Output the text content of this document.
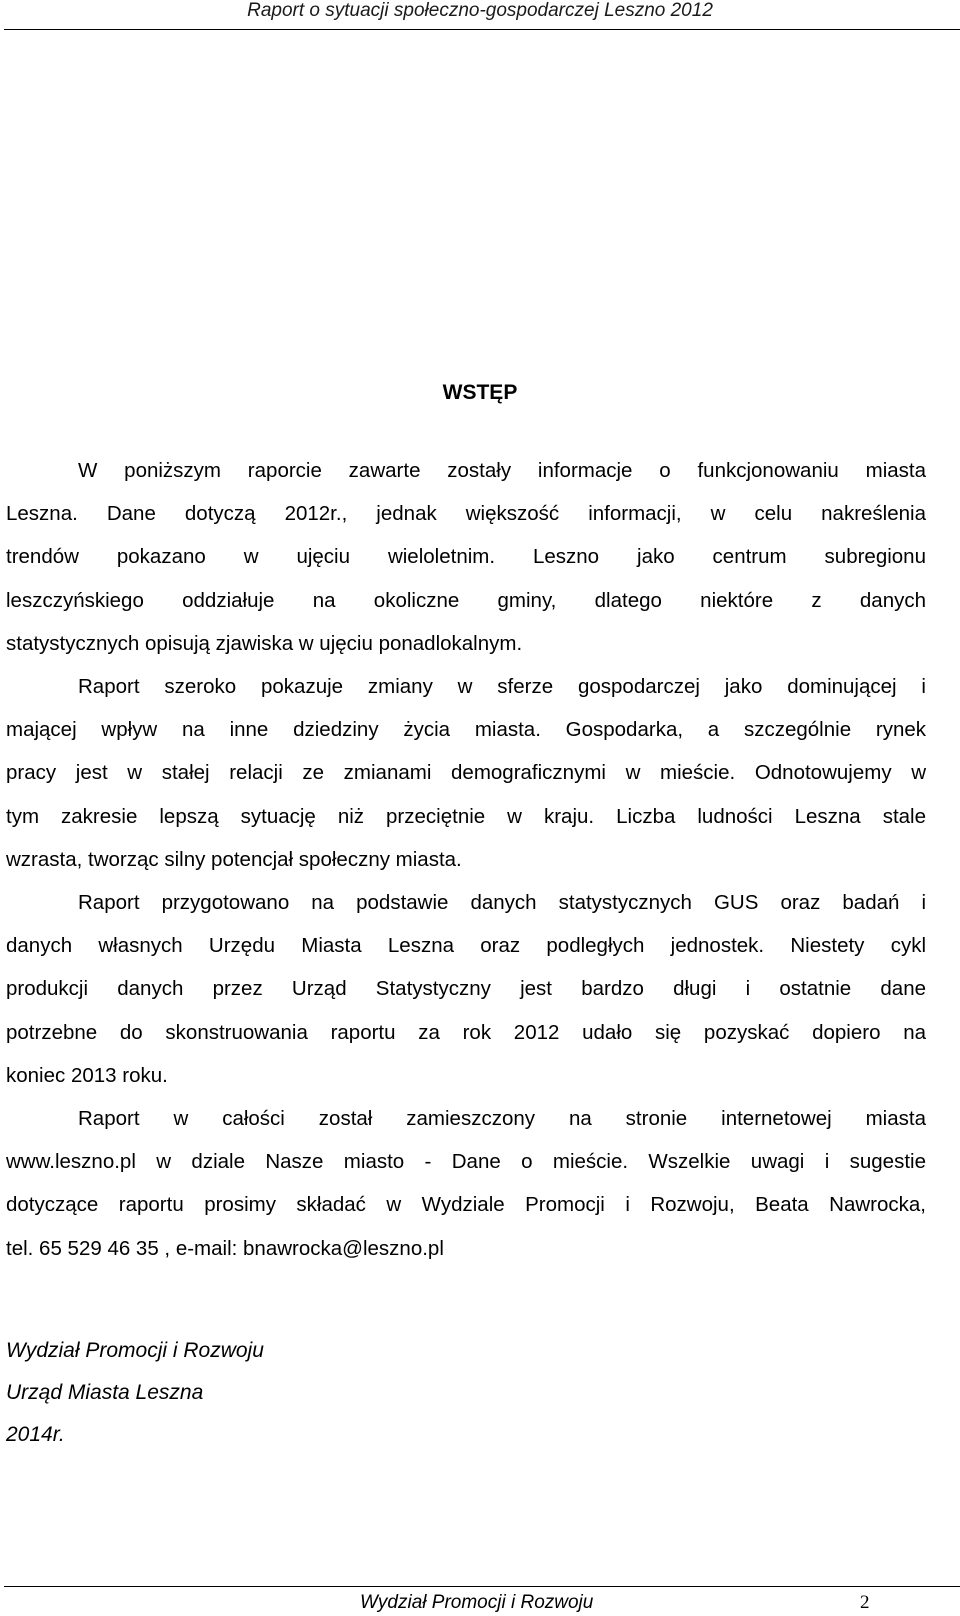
Raport o sytuacji społeczno-gospodarczej Leszno 2012
WSTĘP
W poniższym raporcie zawarte zostały informacje o funkcjonowaniu miasta
Leszna. Dane dotyczą 2012r., jednak większość informacji, w celu nakreślenia
trendów pokazano w ujęciu wieloletnim. Leszno jako centrum subregionu
leszczyńskiego oddziałuje na okoliczne gminy, dlatego niektóre z danych
statystycznych opisują zjawiska w ujęciu ponadlokalnym.
Raport szeroko pokazuje zmiany w sferze gospodarczej jako dominującej i
mającej wpływ na inne dziedziny życia miasta. Gospodarka, a szczególnie rynek
pracy jest w stałej relacji ze zmianami demograficznymi w mieście. Odnotowujemy w
tym zakresie lepszą sytuację niż przeciętnie w kraju. Liczba ludności Leszna stale
wzrasta, tworząc silny potencjał społeczny miasta.
Raport przygotowano na podstawie danych statystycznych GUS oraz badań i
danych własnych Urzędu Miasta Leszna oraz podległych jednostek. Niestety cykl
produkcji danych przez Urząd Statystyczny jest bardzo długi i ostatnie dane
potrzebne do skonstruowania raportu za rok 2012 udało się pozyskać dopiero na
koniec 2013 roku.
Raport w całości został zamieszczony na stronie internetowej miasta
www.leszno.pl w dziale Nasze miasto - Dane o mieście. Wszelkie uwagi i sugestie
dotyczące raportu prosimy składać w Wydziale Promocji i Rozwoju, Beata Nawrocka,
tel. 65 529 46 35 , e-mail: bnawrocka@leszno.pl
Wydział Promocji i Rozwoju
Urząd Miasta Leszna
2014r.
Wydział Promocji i Rozwoju	2
